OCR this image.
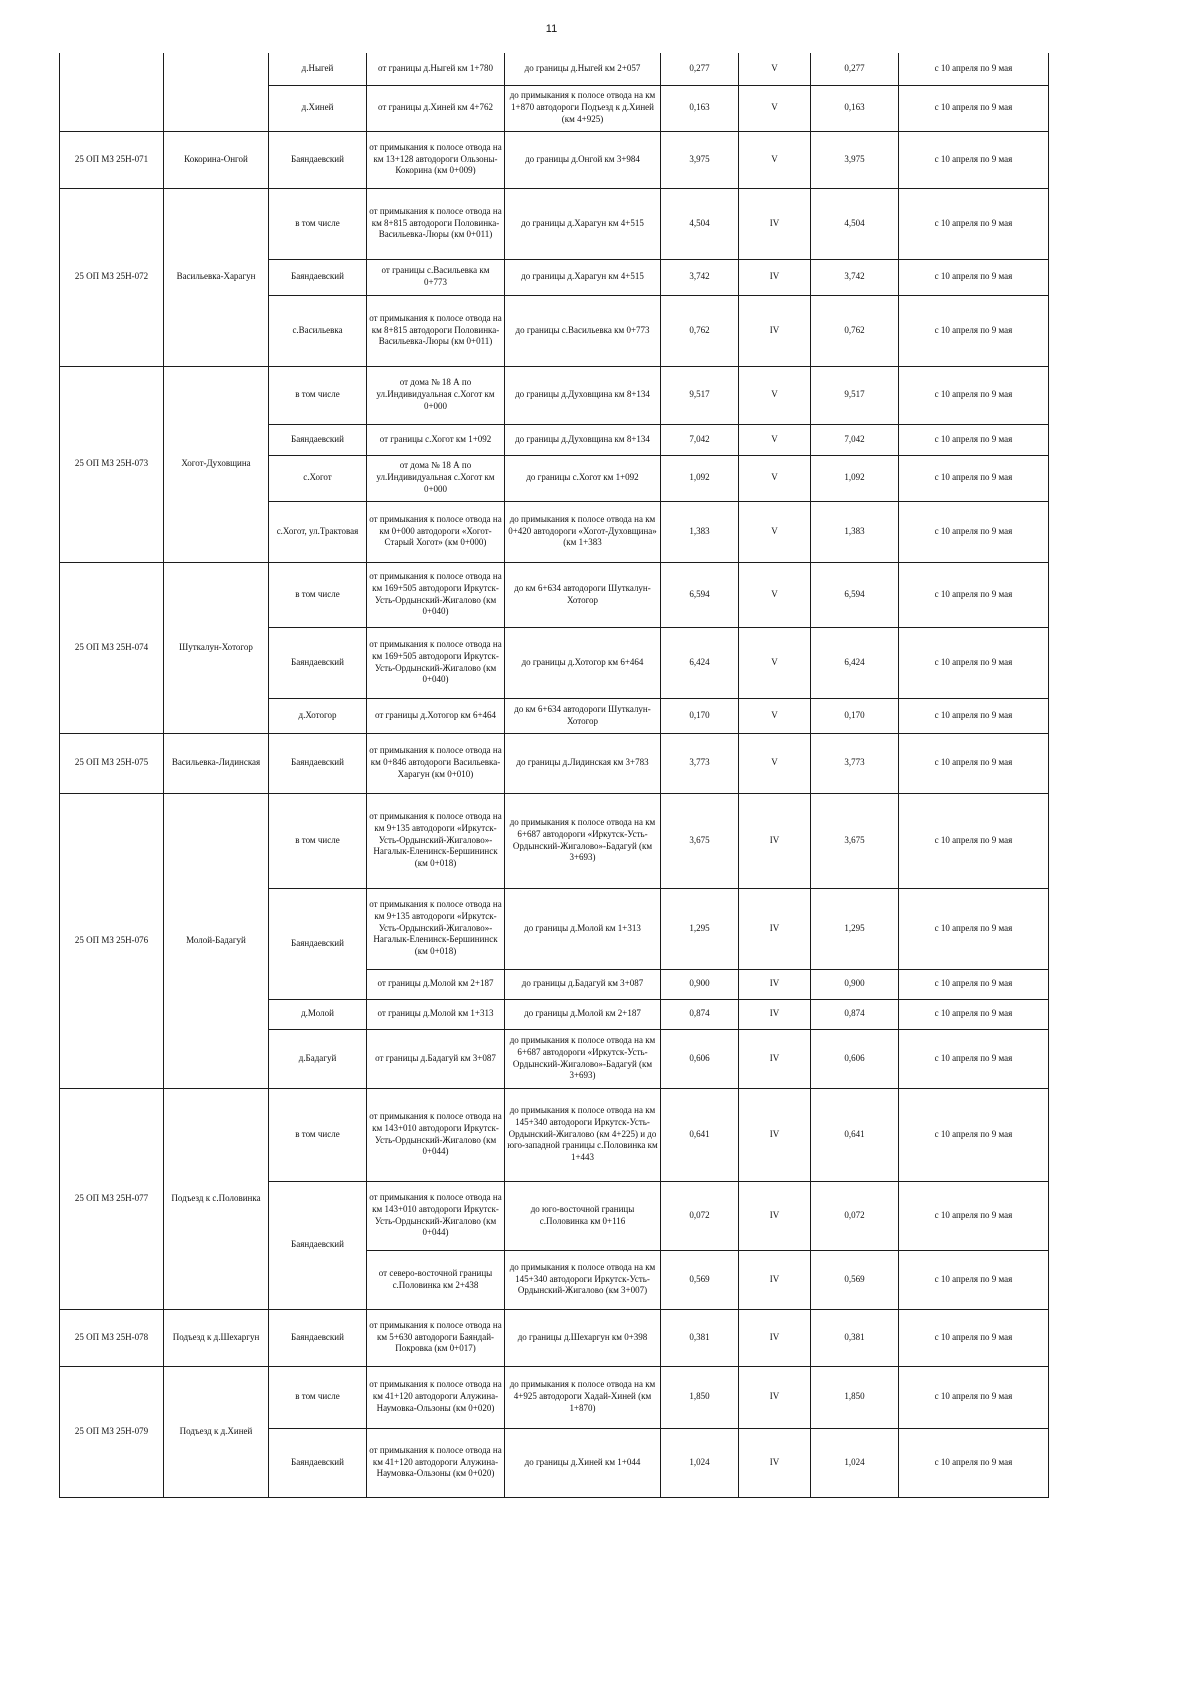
11
		д.Ныгей	от границы д.Ныгей км 1+780	до границы д.Ныгей км 2+057	0,277	V	0,277	с 10 апреля по 9 мая
		д.Хиней	от границы д.Хиней км 4+762	до примыкания к полосе отвода на км 1+870 автодороги Подъезд к д.Хиней (км 4+925)	0,163	V	0,163	с 10 апреля по 9 мая
25 ОП МЗ 25Н-071	Кокорина-Онгой	Баяндаевский	от примыкания к полосе отвода на км 13+128 автодороги Ользоны-Кокорина (км 0+009)	до границы д.Онгой км 3+984	3,975	V	3,975	с 10 апреля по 9 мая
25 ОП МЗ 25Н-072	Васильевка-Харагун	в том числе	от примыкания к полосе отвода на км 8+815 автодороги Половинка-Васильевка-Люры (км 0+011)	до границы д.Харагун км 4+515	4,504	IV	4,504	с 10 апреля по 9 мая
		Баяндаевский	от границы с.Васильевка км 0+773	до границы д.Харагун км 4+515	3,742	IV	3,742	с 10 апреля по 9 мая
		с.Васильевка	от примыкания к полосе отвода на км 8+815 автодороги Половинка-Васильевка-Люры (км 0+011)	до границы с.Васильевка км 0+773	0,762	IV	0,762	с 10 апреля по 9 мая
25 ОП МЗ 25Н-073	Хогот-Духовщина	в том числе	от дома № 18 А по ул.Индивидуальная с.Хогот км 0+000	до границы д.Духовщина км 8+134	9,517	V	9,517	с 10 апреля по 9 мая
		Баяндаевский	от границы с.Хогот км 1+092	до границы д.Духовщина км 8+134	7,042	V	7,042	с 10 апреля по 9 мая
		с.Хогот	от дома № 18 А по ул.Индивидуальная с.Хогот км 0+000	до границы с.Хогот км 1+092	1,092	V	1,092	с 10 апреля по 9 мая
		с.Хогот, ул.Трактовая	от примыкания к полосе отвода на км 0+000 автодороги «Хогот-Старый Хогот» (км 0+000)	до примыкания к полосе отвода на км 0+420 автодороги «Хогот-Духовщина» (км 1+383	1,383	V	1,383	с 10 апреля по 9 мая
25 ОП МЗ 25Н-074	Шуткалун-Хотогор	в том числе	от примыкания к полосе отвода на км 169+505 автодороги Иркутск-Усть-Ордынский-Жигалово (км 0+040)	до км 6+634 автодороги Шуткалун-Хотогор	6,594	V	6,594	с 10 апреля по 9 мая
		Баяндаевский	от примыкания к полосе отвода на км 169+505 автодороги Иркутск-Усть-Ордынский-Жигалово (км 0+040)	до границы д.Хотогор км 6+464	6,424	V	6,424	с 10 апреля по 9 мая
		д.Хотогор	от границы д.Хотогор км 6+464	до км 6+634 автодороги Шуткалун-Хотогор	0,170	V	0,170	с 10 апреля по 9 мая
25 ОП МЗ 25Н-075	Васильевка-Лидинская	Баяндаевский	от примыкания к полосе отвода на км 0+846 автодороги Васильевка-Харагун (км 0+010)	до границы д.Лидинская км 3+783	3,773	V	3,773	с 10 апреля по 9 мая
25 ОП МЗ 25Н-076	Молой-Бадагуй	в том числе	от примыкания к полосе отвода на км 9+135 автодороги «Иркутск-Усть-Ордынский-Жигалово»-Нагалык-Еленинск-Бершининск (км 0+018)	до примыкания к полосе отвода на км 6+687 автодороги «Иркутск-Усть-Ордынский-Жигалово»-Бадагуй (км 3+693)	3,675	IV	3,675	с 10 апреля по 9 мая
		Баяндаевский	от примыкания к полосе отвода на км 9+135 автодороги «Иркутск-Усть-Ордынский-Жигалово»-Нагалык-Еленинск-Бершининск (км 0+018)	до границы д.Молой км 1+313	1,295	IV	1,295	с 10 апреля по 9 мая
			от границы д.Молой км 2+187	до границы д.Бадагуй км 3+087	0,900	IV	0,900	с 10 апреля по 9 мая
		д.Молой	от границы д.Молой км 1+313	до границы д.Молой км 2+187	0,874	IV	0,874	с 10 апреля по 9 мая
		д.Бадагуй	от границы д.Бадагуй км 3+087	до примыкания к полосе отвода на км 6+687 автодороги «Иркутск-Усть-Ордынский-Жигалово»-Бадагуй (км 3+693)	0,606	IV	0,606	с 10 апреля по 9 мая
25 ОП МЗ 25Н-077	Подъезд к с.Половинка	в том числе	от примыкания к полосе отвода на км 143+010 автодороги Иркутск-Усть-Ордынский-Жигалово (км 0+044)	до примыкания к полосе отвода на км 145+340 автодороги Иркутск-Усть-Ордынский-Жигалово (км 4+225) и до юго-западной границы с.Половинка км 1+443	0,641	IV	0,641	с 10 апреля по 9 мая
		Баяндаевский	от примыкания к полосе отвода на км 143+010 автодороги Иркутск-Усть-Ордынский-Жигалово (км 0+044)	до юго-восточной границы с.Половинка км 0+116	0,072	IV	0,072	с 10 апреля по 9 мая
			от северо-восточной границы с.Половинка км 2+438	до примыкания к полосе отвода на км 145+340 автодороги Иркутск-Усть-Ордынский-Жигалово (км 3+007)	0,569	IV	0,569	с 10 апреля по 9 мая
25 ОП МЗ 25Н-078	Подъезд к д.Шехаргун	Баяндаевский	от примыкания к полосе отвода на км 5+630 автодороги Баяндай-Покровка (км 0+017)	до границы д.Шехаргун км 0+398	0,381	IV	0,381	с 10 апреля по 9 мая
25 ОП МЗ 25Н-079	Подъезд к д.Хиней	в том числе	от примыкания к полосе отвода на км 41+120 автодороги Алужина-Наумовка-Ользоны (км 0+020)	до примыкания к полосе отвода на км 4+925 автодороги Хадай-Хиней (км 1+870)	1,850	IV	1,850	с 10 апреля по 9 мая
		Баяндаевский	от примыкания к полосе отвода на км 41+120 автодороги Алужина-Наумовка-Ользоны (км 0+020)	до границы д.Хиней км 1+044	1,024	IV	1,024	с 10 апреля по 9 мая
